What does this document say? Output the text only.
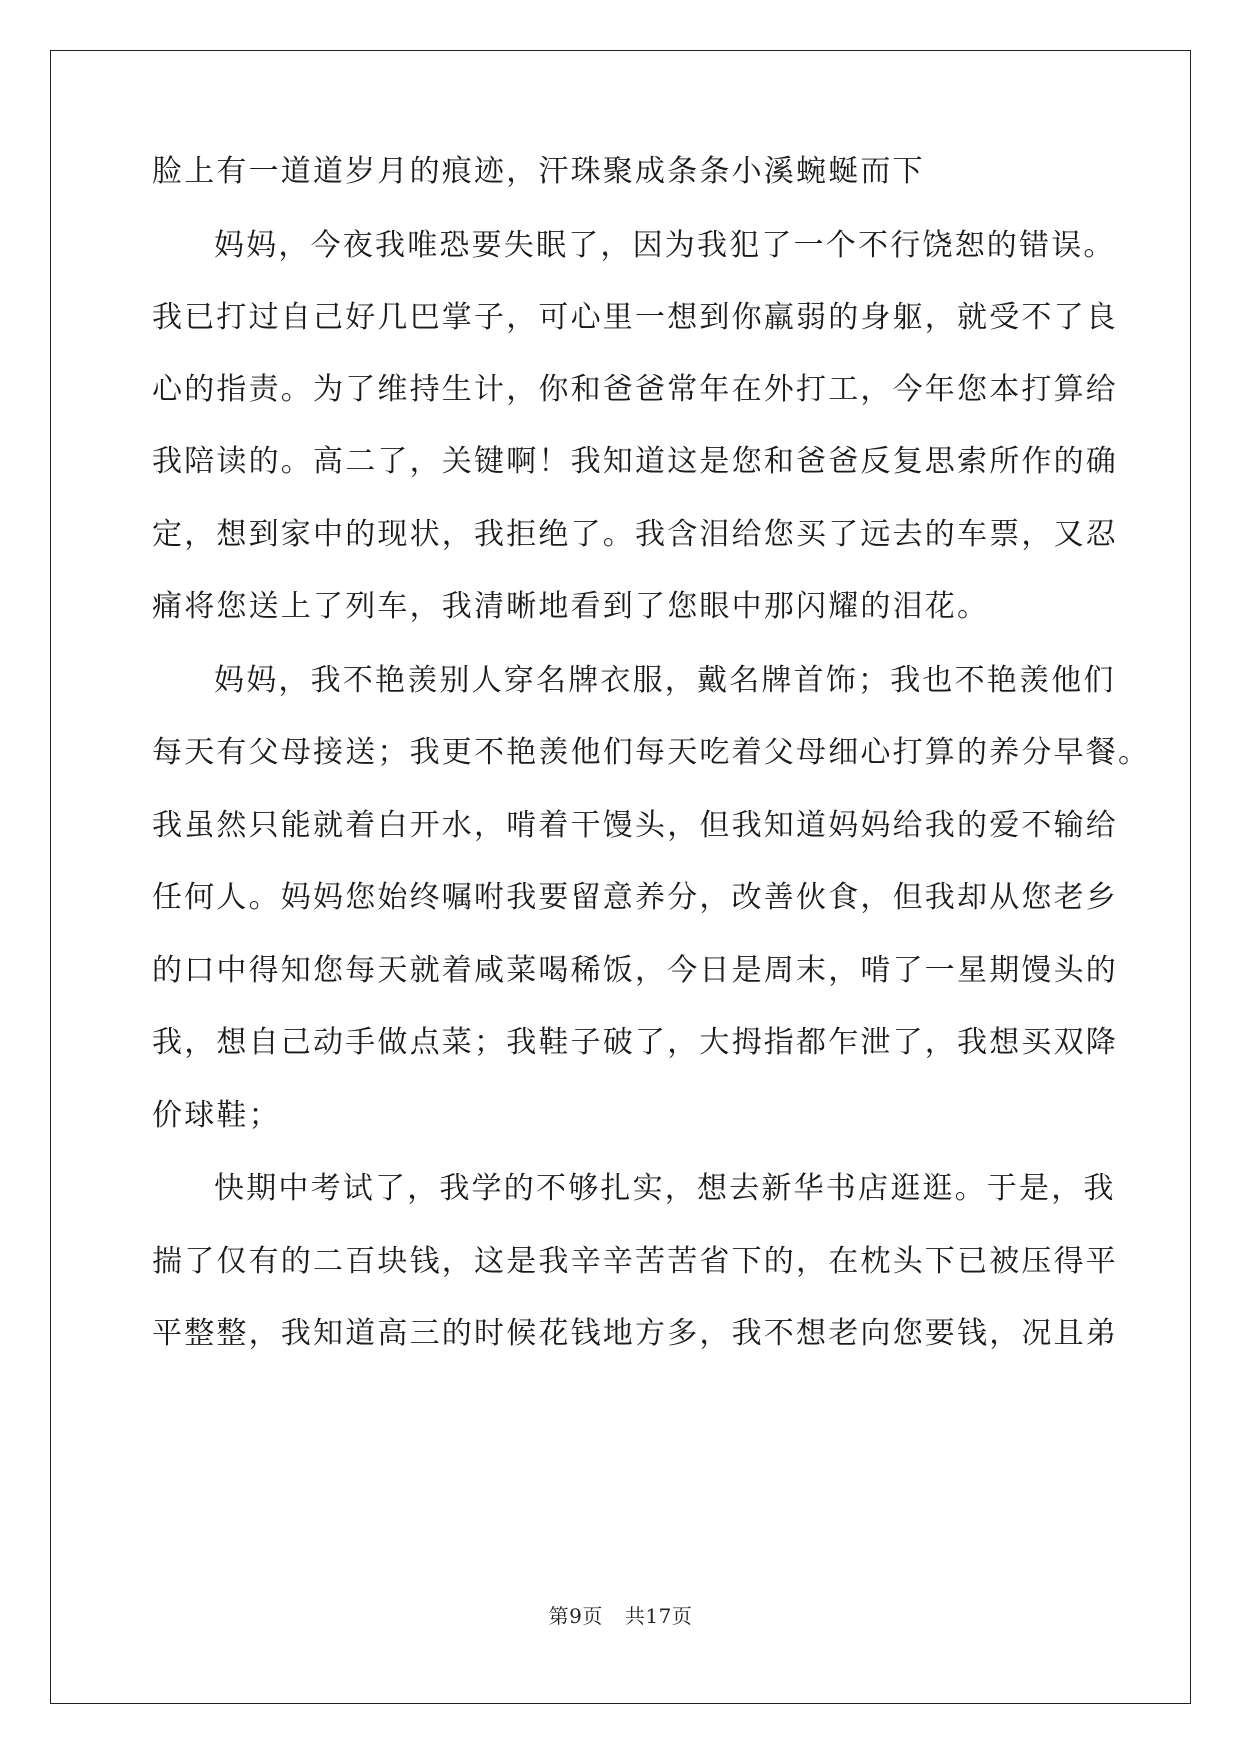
脸上有一道道岁月的痕迹，汗珠聚成条条小溪蜿蜒而下
妈妈，今夜我唯恐要失眠了，因为我犯了一个不行饶恕的错误。
我已打过自己好几巴掌子，可心里一想到你羸弱的身躯，就受不了良
心的指责。为了维持生计，你和爸爸常年在外打工，今年您本打算给
我陪读的。高二了，关键啊！我知道这是您和爸爸反复思索所作的确
定，想到家中的现状，我拒绝了。我含泪给您买了远去的车票，又忍
痛将您送上了列车，我清晰地看到了您眼中那闪耀的泪花。
妈妈，我不艳羡别人穿名牌衣服，戴名牌首饰；我也不艳羡他们
每天有父母接送；我更不艳羡他们每天吃着父母细心打算的养分早餐。
我虽然只能就着白开水，啃着干馒头，但我知道妈妈给我的爱不输给
任何人。妈妈您始终嘱咐我要留意养分，改善伙食，但我却从您老乡
的口中得知您每天就着咸菜喝稀饭，今日是周末，啃了一星期馒头的
我，想自己动手做点菜；我鞋子破了，大拇指都乍泄了，我想买双降
价球鞋；
快期中考试了，我学的不够扎实，想去新华书店逛逛。于是，我
揣了仅有的二百块钱，这是我辛辛苦苦省下的，在枕头下已被压得平
平整整，我知道高三的时候花钱地方多，我不想老向您要钱，况且弟
第9页 共17页
